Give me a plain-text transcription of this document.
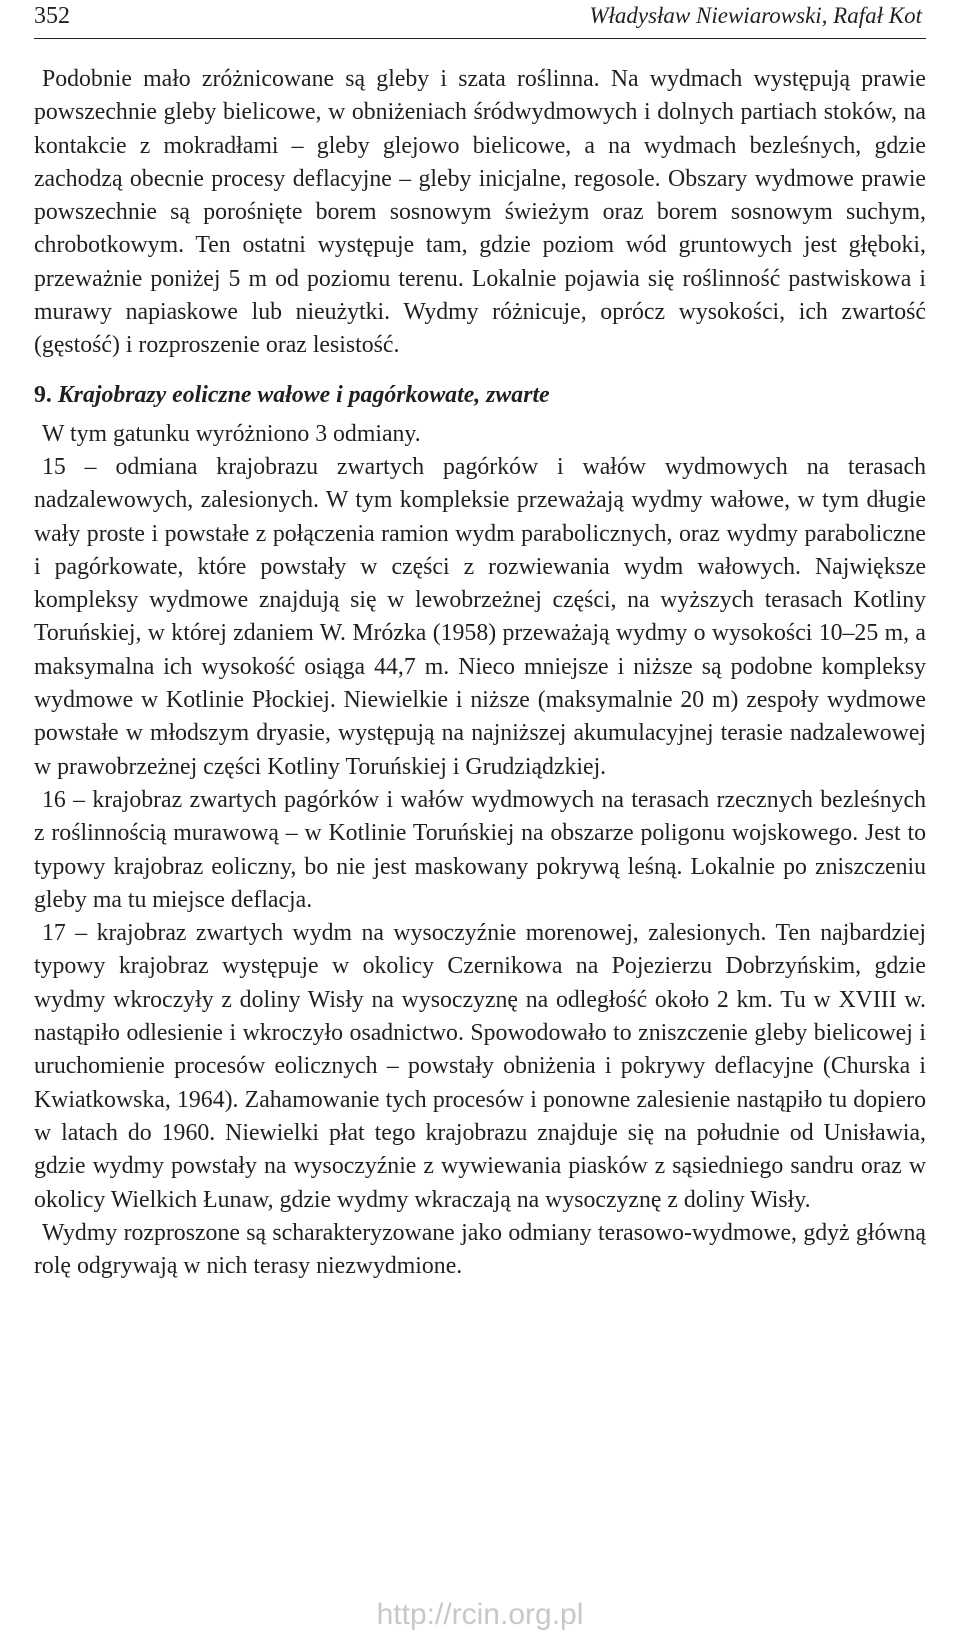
352	Władysław Niewiarowski, Rafał Kot

Podobnie mało zróżnicowane są gleby i szata roślinna. Na wydmach występują prawie powszechnie gleby bielicowe, w obniżeniach śródwydmowych i dolnych partiach stoków, na kontakcie z mokradłami – gleby glejowo bielicowe, a na wydmach bezleśnych, gdzie zachodzą obecnie procesy deflacyjne – gleby inicjalne, regosole. Obszary wydmowe prawie powszechnie są porośnięte borem sosnowym świeżym oraz borem sosnowym suchym, chrobotkowym. Ten ostatni występuje tam, gdzie poziom wód gruntowych jest głęboki, przeważnie poniżej 5 m od poziomu terenu. Lokalnie pojawia się roślinność pastwiskowa i murawy napiaskowe lub nieużytki. Wydmy różnicuje, oprócz wysokości, ich zwartość (gęstość) i rozproszenie oraz lesistość.

9. Krajobrazy eoliczne wałowe i pagórkowate, zwarte

W tym gatunku wyróżniono 3 odmiany.

15 – odmiana krajobrazu zwartych pagórków i wałów wydmowych na terasach nadzalewowych, zalesionych. W tym kompleksie przeważają wydmy wałowe, w tym długie wały proste i powstałe z połączenia ramion wydm parabolicznych, oraz wydmy paraboliczne i pagórkowate, które powstały w części z rozwiewania wydm wałowych. Największe kompleksy wydmowe znajdują się w lewobrzeżnej części, na wyższych terasach Kotliny Toruńskiej, w której zdaniem W. Mrózka (1958) przeważają wydmy o wysokości 10–25 m, a maksymalna ich wysokość osiąga 44,7 m. Nieco mniejsze i niższe są podobne kompleksy wydmowe w Kotlinie Płockiej. Niewielkie i niższe (maksymalnie 20 m) zespoły wydmowe powstałe w młodszym dryasie, występują na najniższej akumulacyjnej terasie nadzalewowej w prawobrzeżnej części Kotliny Toruńskiej i Grudziądzkiej.

16 – krajobraz zwartych pagórków i wałów wydmowych na terasach rzecznych bezleśnych z roślinnością murawową – w Kotlinie Toruńskiej na obszarze poligonu wojskowego. Jest to typowy krajobraz eoliczny, bo nie jest maskowany pokrywą leśną. Lokalnie po zniszczeniu gleby ma tu miejsce deflacja.

17 – krajobraz zwartych wydm na wysoczyźnie morenowej, zalesionych. Ten najbardziej typowy krajobraz występuje w okolicy Czernikowa na Pojezierzu Dobrzyńskim, gdzie wydmy wkroczyły z doliny Wisły na wysoczyznę na odległość około 2 km. Tu w XVIII w. nastąpiło odlesienie i wkroczyło osadnictwo. Spowodowało to zniszczenie gleby bielicowej i uruchomienie procesów eolicznych – powstały obniżenia i pokrywy deflacyjne (Churska i Kwiatkowska, 1964). Zahamowanie tych procesów i ponowne zalesienie nastąpiło tu dopiero w latach do 1960. Niewielki płat tego krajobrazu znajduje się na południe od Unisławia, gdzie wydmy powstały na wysoczyźnie z wywiewania piasków z sąsiedniego sandru oraz w okolicy Wielkich Łunaw, gdzie wydmy wkraczają na wysoczyznę z doliny Wisły.

Wydmy rozproszone są scharakteryzowane jako odmiany terasowo-wydmowe, gdyż główną rolę odgrywają w nich terasy niezwydmione.

http://rcin.org.pl
